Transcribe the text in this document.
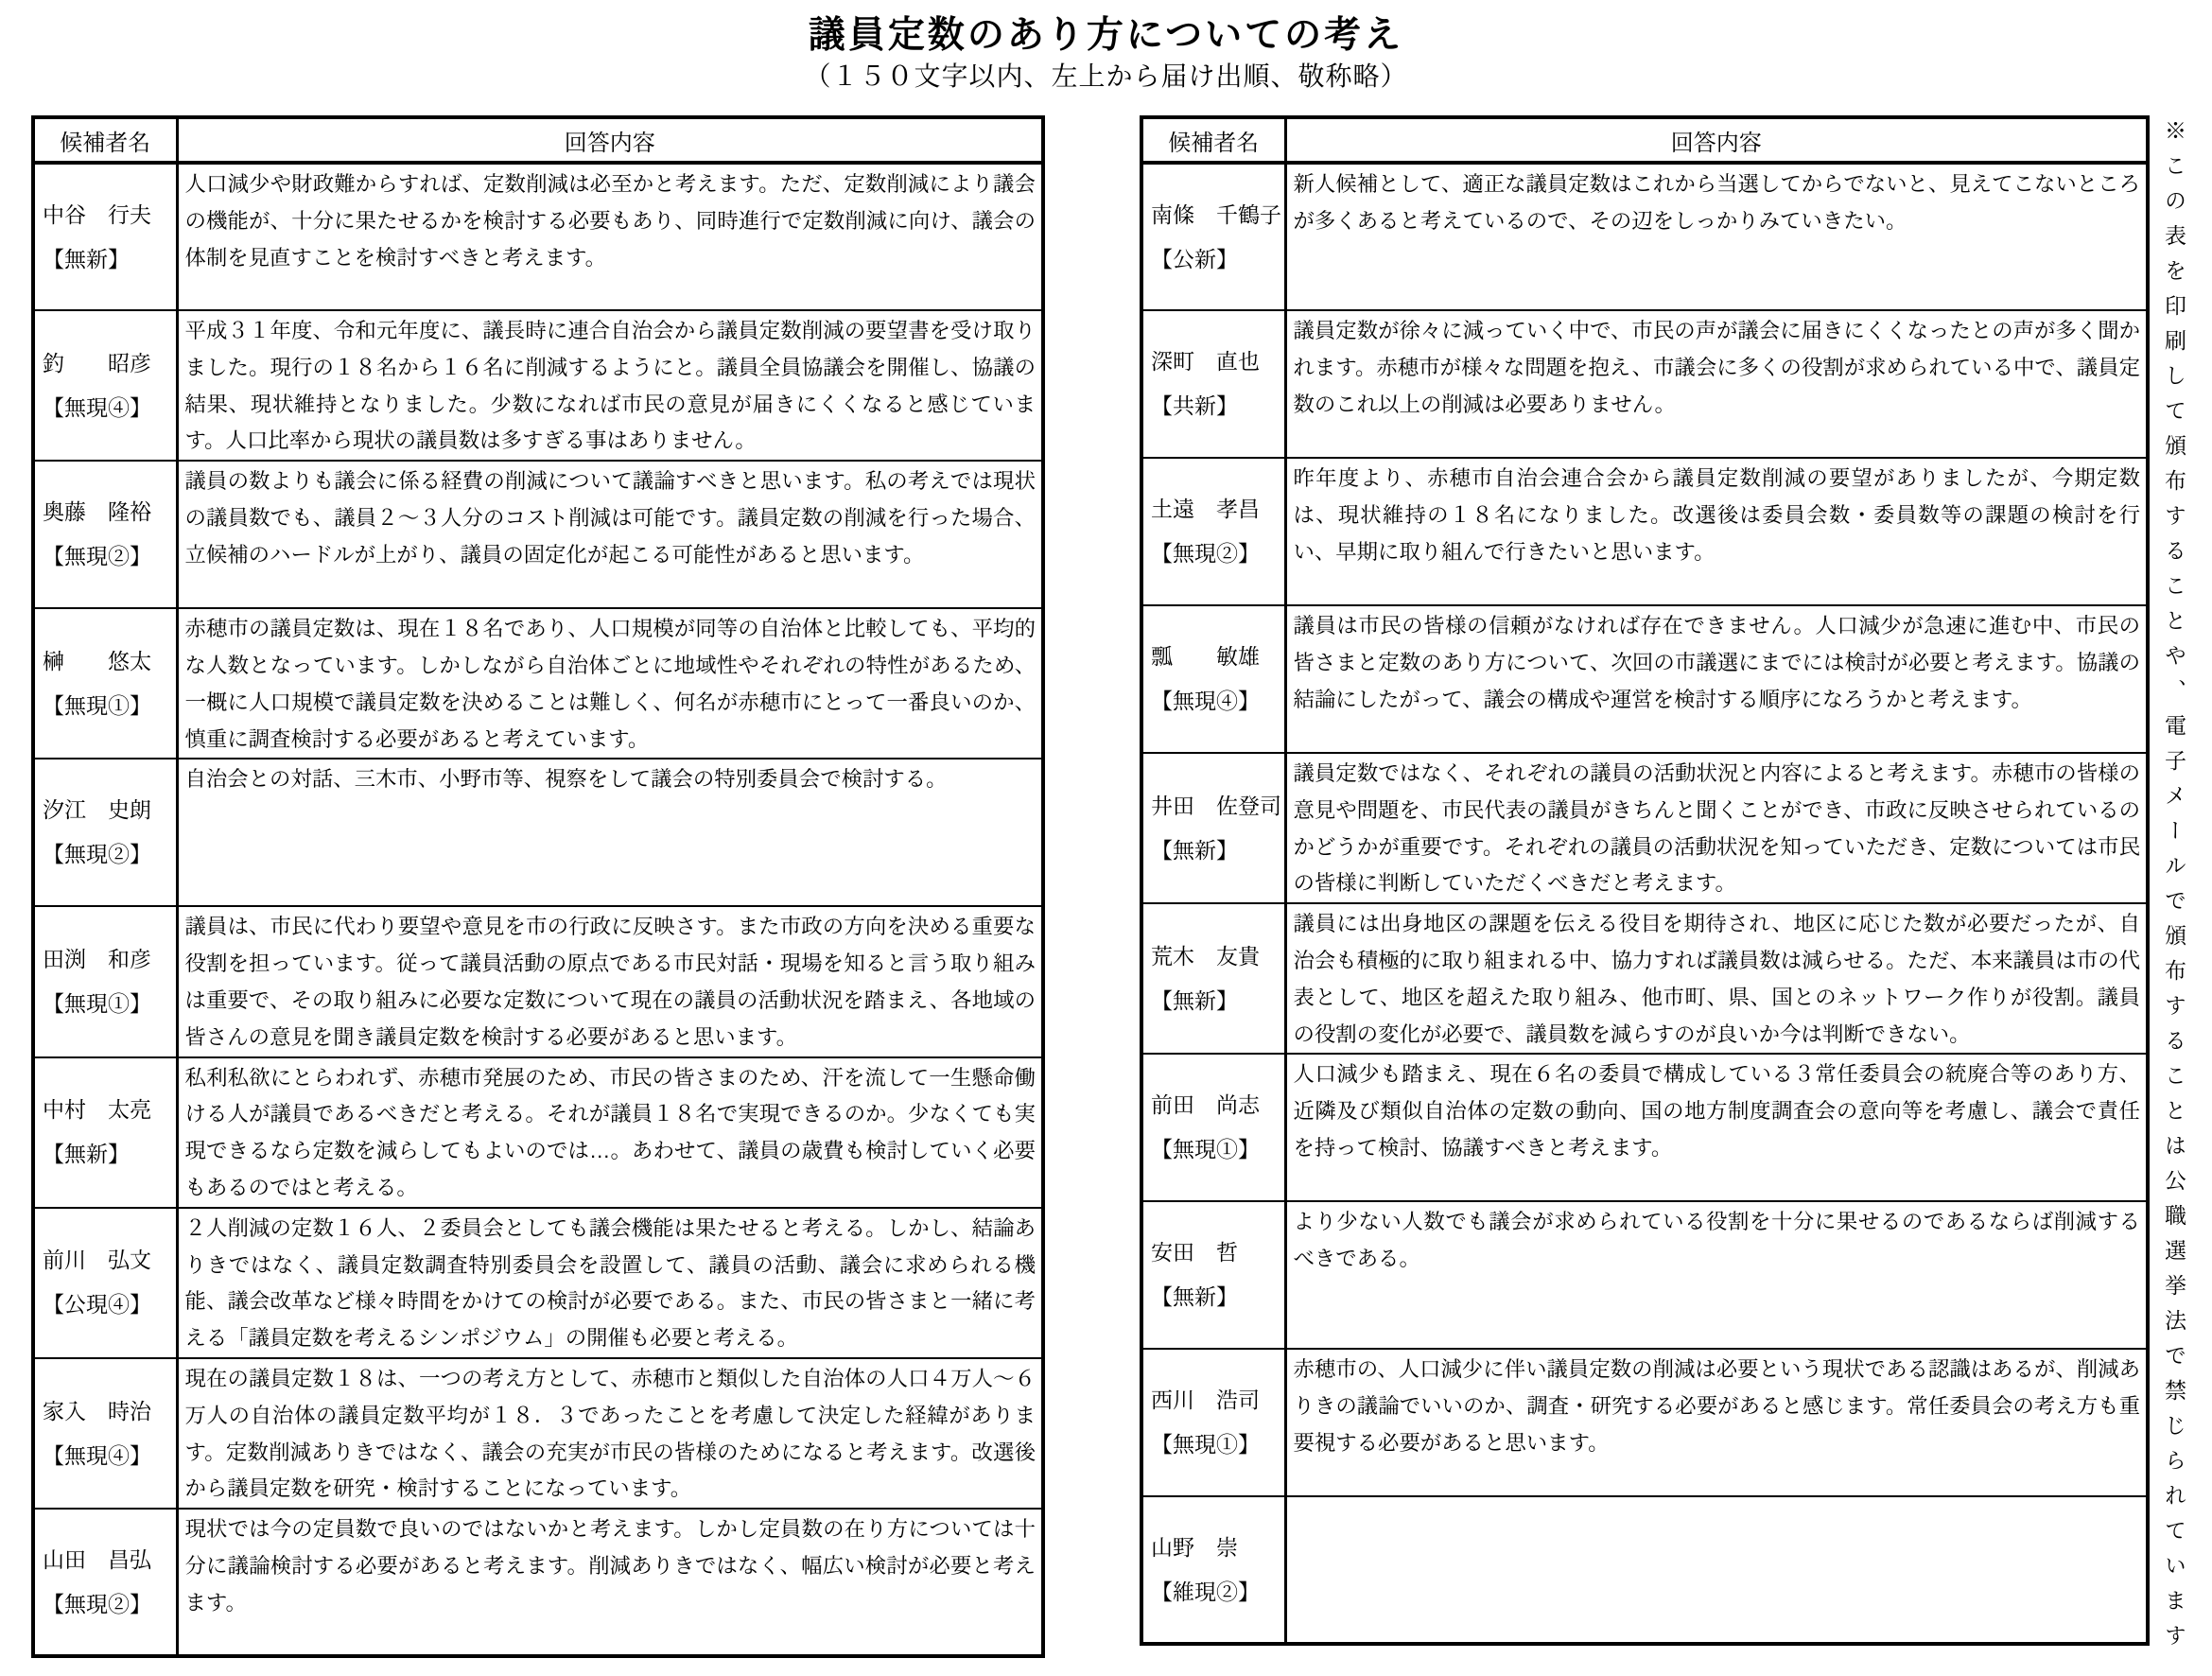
議員定数のあり方についての考え
（１５０文字以内、左上から届け出順、敬称略）
候補者名	回答内容

中谷　行夫
【無新】	人口減少や財政難からすれば、定数削減は必至かと考えます。ただ、定数削減により議会の機能が、十分に果たせるかを検討する必要もあり、同時進行で定数削減に向け、議会の体制を見直すことを検討すべきと考えます。

釣　　昭彦
【無現④】	平成３１年度、令和元年度に、議長時に連合自治会から議員定数削減の要望書を受け取りました。現行の１８名から１６名に削減するようにと。議員全員協議会を開催し、協議の結果、現状維持となりました。少数になれば市民の意見が届きにくくなると感じています。人口比率から現状の議員数は多すぎる事はありません。

奥藤　隆裕
【無現②】	議員の数よりも議会に係る経費の削減について議論すべきと思います。私の考えでは現状の議員数でも、議員２～３人分のコスト削減は可能です。議員定数の削減を行った場合、立候補のハードルが上がり、議員の固定化が起こる可能性があると思います。

榊　　悠太
【無現①】	赤穂市の議員定数は、現在１８名であり、人口規模が同等の自治体と比較しても、平均的な人数となっています。しかしながら自治体ごとに地域性やそれぞれの特性があるため、一概に人口規模で議員定数を決めることは難しく、何名が赤穂市にとって一番良いのか、慎重に調査検討する必要があると考えています。

汐江　史朗
【無現②】	自治会との対話、三木市、小野市等、視察をして議会の特別委員会で検討する。

田渕　和彦
【無現①】	議員は、市民に代わり要望や意見を市の行政に反映さす。また市政の方向を決める重要な役割を担っています。従って議員活動の原点である市民対話・現場を知ると言う取り組みは重要で、その取り組みに必要な定数について現在の議員の活動状況を踏まえ、各地域の皆さんの意見を聞き議員定数を検討する必要があると思います。

中村　太亮
【無新】	私利私欲にとらわれず、赤穂市発展のため、市民の皆さまのため、汗を流して一生懸命働ける人が議員であるべきだと考える。それが議員１８名で実現できるのか。少なくても実現できるなら定数を減らしてもよいのでは…。あわせて、議員の歳費も検討していく必要もあるのではと考える。

前川　弘文
【公現④】	２人削減の定数１６人、２委員会としても議会機能は果たせると考える。しかし、結論ありきではなく、議員定数調査特別委員会を設置して、議員の活動、議会に求められる機能、議会改革など様々時間をかけての検討が必要である。また、市民の皆さまと一緒に考える「議員定数を考えるシンポジウム」の開催も必要と考える。

家入　時治
【無現④】	現在の議員定数１８は、一つの考え方として、赤穂市と類似した自治体の人口４万人～６万人の自治体の議員定数平均が１８．３であったことを考慮して決定した経緯があります。定数削減ありきではなく、議会の充実が市民の皆様のためになると考えます。改選後から議員定数を研究・検討することになっています。

山田　昌弘
【無現②】	現状では今の定員数で良いのではないかと考えます。しかし定員数の在り方については十分に議論検討する必要があると考えます。削減ありきではなく、幅広い検討が必要と考えます。
候補者名	回答内容

南條　千鶴子
【公新】	新人候補として、適正な議員定数はこれから当選してからでないと、見えてこないところが多くあると考えているので、その辺をしっかりみていきたい。

深町　直也
【共新】	議員定数が徐々に減っていく中で、市民の声が議会に届きにくくなったとの声が多く聞かれます。赤穂市が様々な問題を抱え、市議会に多くの役割が求められている中で、議員定数のこれ以上の削減は必要ありません。

土遠　孝昌
【無現②】	昨年度より、赤穂市自治会連合会から議員定数削減の要望がありましたが、今期定数は、現状維持の１８名になりました。改選後は委員会数・委員数等の課題の検討を行い、早期に取り組んで行きたいと思います。

瓢　　敏雄
【無現④】	議員は市民の皆様の信頼がなければ存在できません。人口減少が急速に進む中、市民の皆さまと定数のあり方について、次回の市議選にまでには検討が必要と考えます。協議の結論にしたがって、議会の構成や運営を検討する順序になろうかと考えます。

井田　佐登司
【無新】	議員定数ではなく、それぞれの議員の活動状況と内容によると考えます。赤穂市の皆様の意見や問題を、市民代表の議員がきちんと聞くことができ、市政に反映させられているのかどうかが重要です。それぞれの議員の活動状況を知っていただき、定数については市民の皆様に判断していただくべきだと考えます。

荒木　友貴
【無新】	議員には出身地区の課題を伝える役目を期待され、地区に応じた数が必要だったが、自治会も積極的に取り組まれる中、協力すれば議員数は減らせる。ただ、本来議員は市の代表として、地区を超えた取り組み、他市町、県、国とのネットワーク作りが役割。議員の役割の変化が必要で、議員数を減らすのが良いか今は判断できない。

前田　尚志
【無現①】	人口減少も踏まえ、現在６名の委員で構成している３常任委員会の統廃合等のあり方、近隣及び類似自治体の定数の動向、国の地方制度調査会の意向等を考慮し、議会で責任を持って検討、協議すべきと考えます。

安田　哲
【無新】	より少ない人数でも議会が求められている役割を十分に果せるのであるならば削減するべきである。

西川　浩司
【無現①】	赤穂市の、人口減少に伴い議員定数の削減は必要という現状である認識はあるが、削減ありきの議論でいいのか、調査・研究する必要があると感じます。常任委員会の考え方も重要視する必要があると思います。

山野　崇
【維現②】	
		※この表を印刷して頒布することや、電子メールで頒布することは公職選挙法で禁じられています
